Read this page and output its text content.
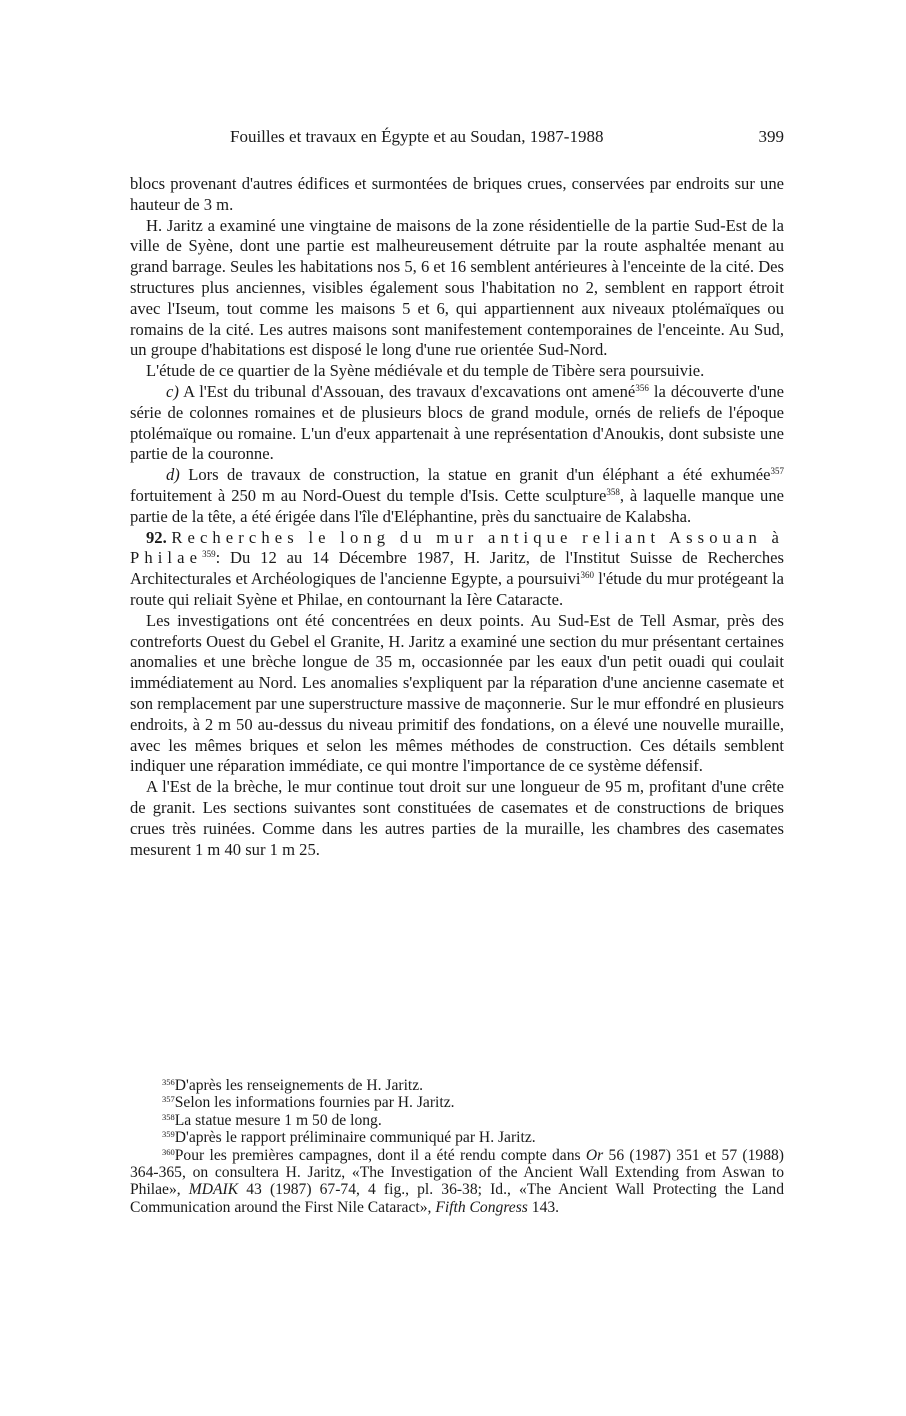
Fouilles et travaux en Égypte et au Soudan, 1987-1988	399

blocs provenant d'autres édifices et surmontées de briques crues, conservées par endroits sur une hauteur de 3 m.

H. Jaritz a examiné une vingtaine de maisons de la zone résidentielle de la partie Sud-Est de la ville de Syène, dont une partie est malheureusement détruite par la route asphaltée menant au grand barrage. Seules les habitations nos 5, 6 et 16 semblent antérieures à l'enceinte de la cité. Des structures plus anciennes, visibles également sous l'habitation no 2, semblent en rapport étroit avec l'Iseum, tout comme les maisons 5 et 6, qui appartiennent aux niveaux ptolémaïques ou romains de la cité. Les autres maisons sont manifestement contemporaines de l'enceinte. Au Sud, un groupe d'habitations est disposé le long d'une rue orientée Sud-Nord.

L'étude de ce quartier de la Syène médiévale et du temple de Tibère sera poursuivie.

c) A l'Est du tribunal d'Assouan, des travaux d'excavations ont amené$^{356}$ la découverte d'une série de colonnes romaines et de plusieurs blocs de grand module, ornés de reliefs de l'époque ptolémaïque ou romaine. L'un d'eux appartenait à une représentation d'Anoukis, dont subsiste une partie de la couronne.

d) Lors de travaux de construction, la statue en granit d'un éléphant a été exhumée$^{357}$ fortuitement à 250 m au Nord-Ouest du temple d'Isis. Cette sculpture$^{358}$, à laquelle manque une partie de la tête, a été érigée dans l'île d'Eléphantine, près du sanctuaire de Kalabsha.

92. Recherches le long du mur antique reliant Assouan à Philae$^{359}$: Du 12 au 14 Décembre 1987, H. Jaritz, de l'Institut Suisse de Recherches Architecturales et Archéologiques de l'ancienne Egypte, a poursuivi$^{360}$ l'étude du mur protégeant la route qui reliait Syène et Philae, en contournant la Ière Cataracte.

Les investigations ont été concentrées en deux points. Au Sud-Est de Tell Asmar, près des contreforts Ouest du Gebel el Granite, H. Jaritz a examiné une section du mur présentant certaines anomalies et une brèche longue de 35 m, occasionnée par les eaux d'un petit ouadi qui coulait immédiatement au Nord. Les anomalies s'expliquent par la réparation d'une ancienne casemate et son remplacement par une superstructure massive de maçonnerie. Sur le mur effondré en plusieurs endroits, à 2 m 50 au-dessus du niveau primitif des fondations, on a élevé une nouvelle muraille, avec les mêmes briques et selon les mêmes méthodes de construction. Ces détails semblent indiquer une réparation immédiate, ce qui montre l'importance de ce système défensif.

A l'Est de la brèche, le mur continue tout droit sur une longueur de 95 m, profitant d'une crête de granit. Les sections suivantes sont constituées de casemates et de constructions de briques crues très ruinées. Comme dans les autres parties de la muraille, les chambres des casemates mesurent 1 m 40 sur 1 m 25.

$^{356}$D'après les renseignements de H. Jaritz.

$^{357}$Selon les informations fournies par H. Jaritz.

$^{358}$La statue mesure 1 m 50 de long.

$^{359}$D'après le rapport préliminaire communiqué par H. Jaritz.

$^{360}$Pour les premières campagnes, dont il a été rendu compte dans Or 56 (1987) 351 et 57 (1988) 364-365, on consultera H. Jaritz, «The Investigation of the Ancient Wall Extending from Aswan to Philae», MDAIK 43 (1987) 67-74, 4 fig., pl. 36-38; Id., «The Ancient Wall Protecting the Land Communication around the First Nile Cataract», Fifth Congress 143.
